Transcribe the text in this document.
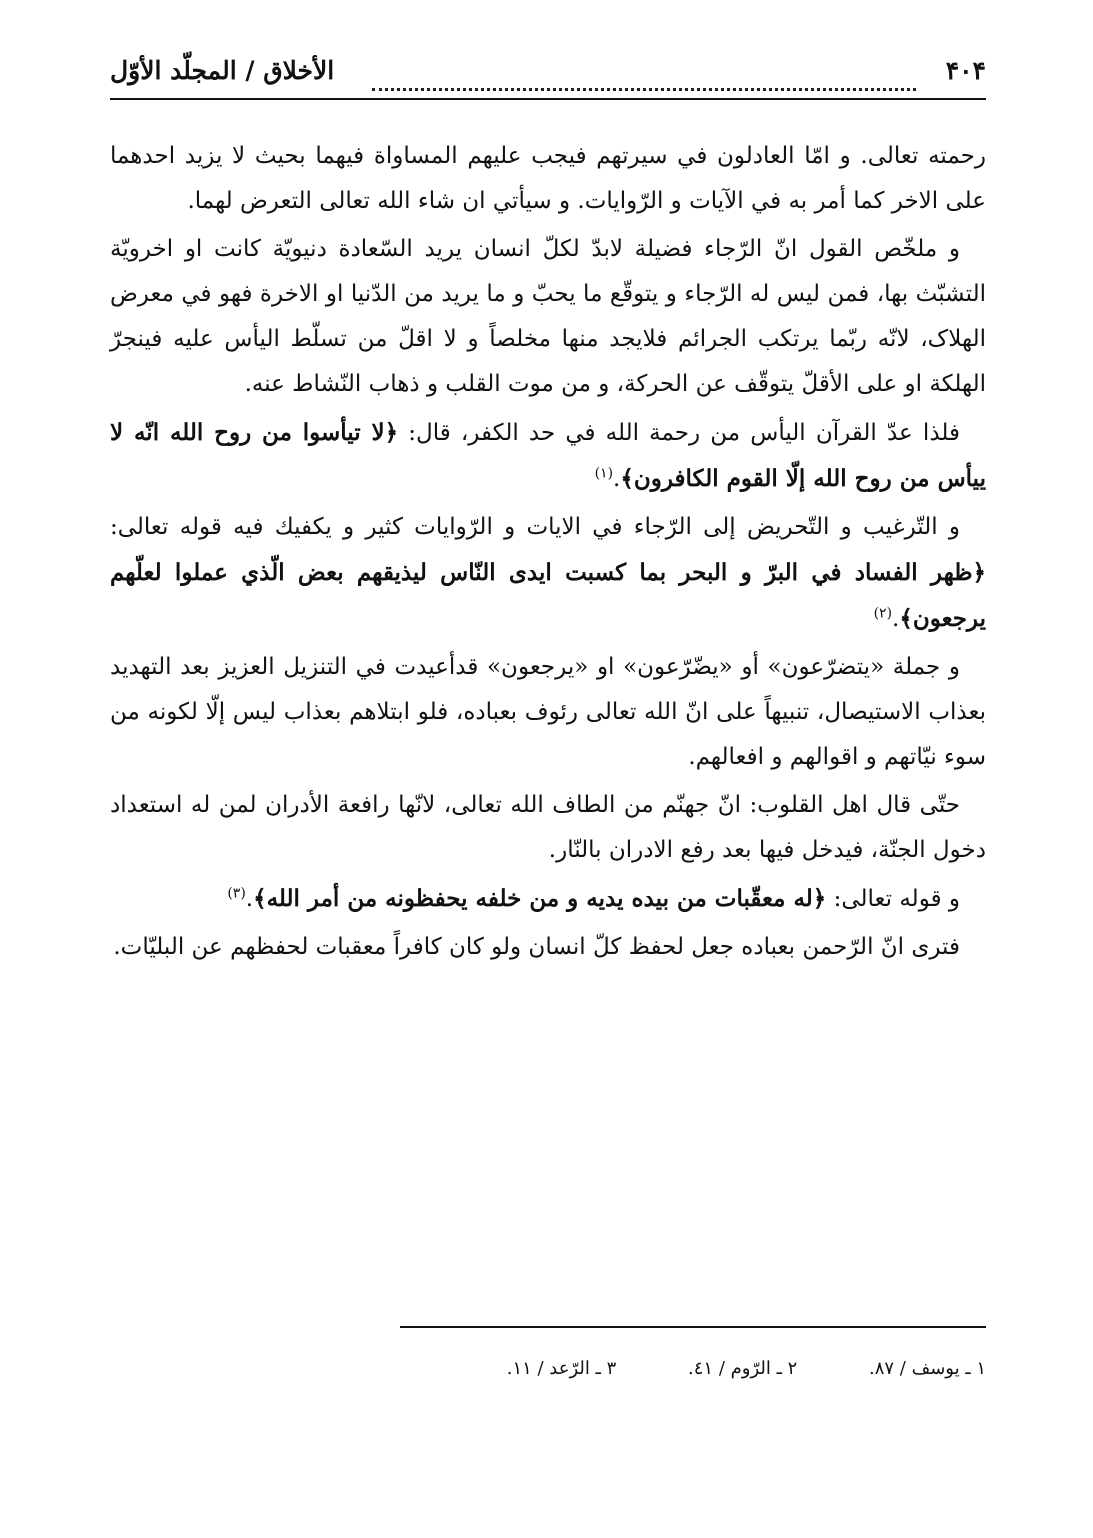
۴۰۴
الأخلاق / المجلّد الأوّل

رحمته تعالى. و امّا العادلون في سيرتهم فيجب عليهم المساواة فيهما بحيث لا يزيد احدهما على الاخر كما أمر به في الآيات و الرّوايات. و سيأتي ان شاء الله تعالى التعرض لهما.

و ملخّص القول انّ الرّجاء فضيلة لابدّ لكلّ انسان يريد السّعادة دنيويّة كانت او اخرويّة التشبّث بها، فمن ليس له الرّجاء و يتوقّع ما يحبّ و ما يريد من الدّنيا او الاخرة فهو في معرض الهلاک، لانّه ربّما يرتكب الجرائم فلايجد منها مخلصاً و لا اقلّ من تسلّط اليأس عليه فينجرّ الهلكة او على الأقلّ يتوقّف عن الحركة، و من موت القلب و ذهاب النّشاط عنه.

فلذا عدّ القرآن اليأس من رحمة الله في حد الكفر، قال: ﴿لا تيأسوا من روح الله انّه لا ييأس من روح الله إلّا القوم الكافرون﴾.$^{(١)}$

و التّرغيب و التّحريض إلى الرّجاء في الايات و الرّوايات كثير و يكفيك فيه قوله تعالى: ﴿ظهر الفساد في البرّ و البحر بما كسبت ايدى النّاس ليذيقهم بعض الّذي عملوا لعلّهم يرجعون﴾.$^{(٢)}$

و جملة «يتضرّعون» أو «يضّرّعون» او «يرجعون» قدأعيدت في التنزيل العزيز بعد التهديد بعذاب الاستيصال، تنبيهاً على انّ الله تعالى رئوف بعباده، فلو ابتلاهم بعذاب ليس إلّا لكونه من سوء نيّاتهم و اقوالهم و افعالهم.

حتّى قال اهل القلوب: انّ جهنّم من الطاف الله تعالى، لانّها رافعة الأدران لمن له استعداد دخول الجنّة، فيدخل فيها بعد رفع الادران بالنّار.

و قوله تعالى: ﴿له معقّبات من بيده يديه و من خلفه يحفظونه من أمر الله﴾.$^{(٣)}$

فترى انّ الرّحمن بعباده جعل لحفظ كلّ انسان ولو كان كافراً معقبات لحفظهم عن البليّات.

١ ـ يوسف / ٨٧. ٢ ـ الرّوم / ٤١. ٣ ـ الرّعد / ١١.
